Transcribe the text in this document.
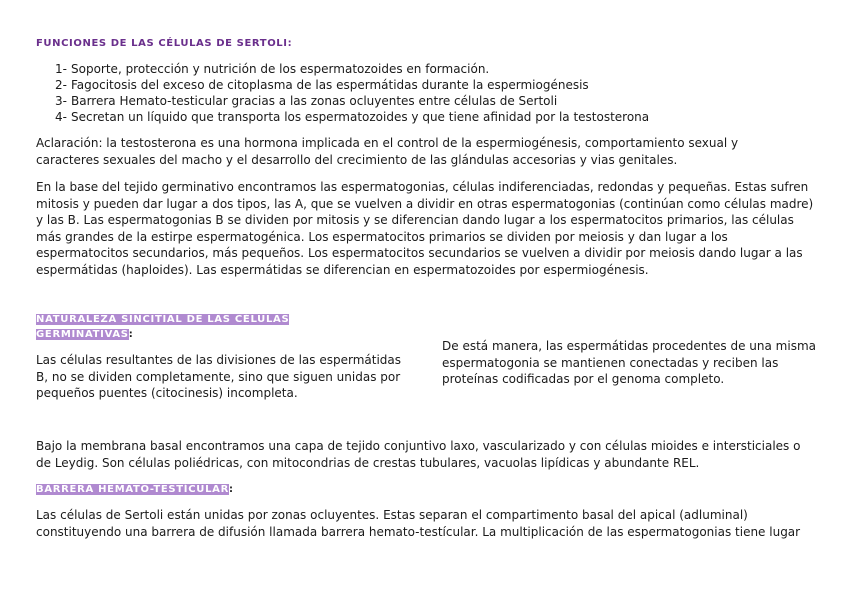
FUNCIONES DE LAS CÉLULAS DE SERTOLI:
1- Soporte, protección y nutrición de los espermatozoides en formación.
2- Fagocitosis del exceso de citoplasma de las espermátidas durante la espermiogénesis
3- Barrera Hemato-testicular gracias a las zonas ocluyentes entre células de Sertoli
4- Secretan un líquido que transporta los espermatozoides y que tiene afinidad por la testosterona

Aclaración: la testosterona es una hormona implicada en el control de la espermiogénesis, comportamiento sexual y caracteres sexuales del macho y el desarrollo del crecimiento de las glándulas accesorias y vias genitales.

En la base del tejido germinativo encontramos las espermatogonias, células indiferenciadas, redondas y pequeñas. Estas sufren mitosis y pueden dar lugar a dos tipos, las A, que se vuelven a dividir en otras espermatogonias (continúan como células madre) y las B. Las espermatogonias B se dividen por mitosis y se diferencian dando lugar a los espermatocitos primarios, las células más grandes de la estirpe espermatogénica. Los espermatocitos primarios se dividen por meiosis y dan lugar a los espermatocitos secundarios, más pequeños. Los espermatocitos secundarios se vuelven a dividir por meiosis dando lugar a las espermátidas (haploides). Las espermátidas se diferencian en espermatozoides por espermiogénesis.

NATURALEZA SINCITIAL DE LAS CÉLULAS
GERMINATIVAS:

Las células resultantes de las divisiones de las espermátidas B, no se dividen completamente, sino que siguen unidas por pequeños puentes (citocinesis) incompleta.

De está manera, las espermátidas procedentes de una misma espermatogonia se mantienen conectadas y reciben las proteínas codificadas por el genoma completo.

Bajo la membrana basal encontramos una capa de tejido conjuntivo laxo, vascularizado y con células mioides e intersticiales o de Leydig. Son células poliédricas, con mitocondrias de crestas tubulares, vacuolas lipídicas y abundante REL.

BARRERA HEMATO-TESTÍCULAR:

Las células de Sertoli están unidas por zonas ocluyentes. Estas separan el compartimento basal del apical (adluminal) constituyendo una barrera de difusión llamada barrera hemato-testícular. La multiplicación de las espermatogonias tiene lugar
